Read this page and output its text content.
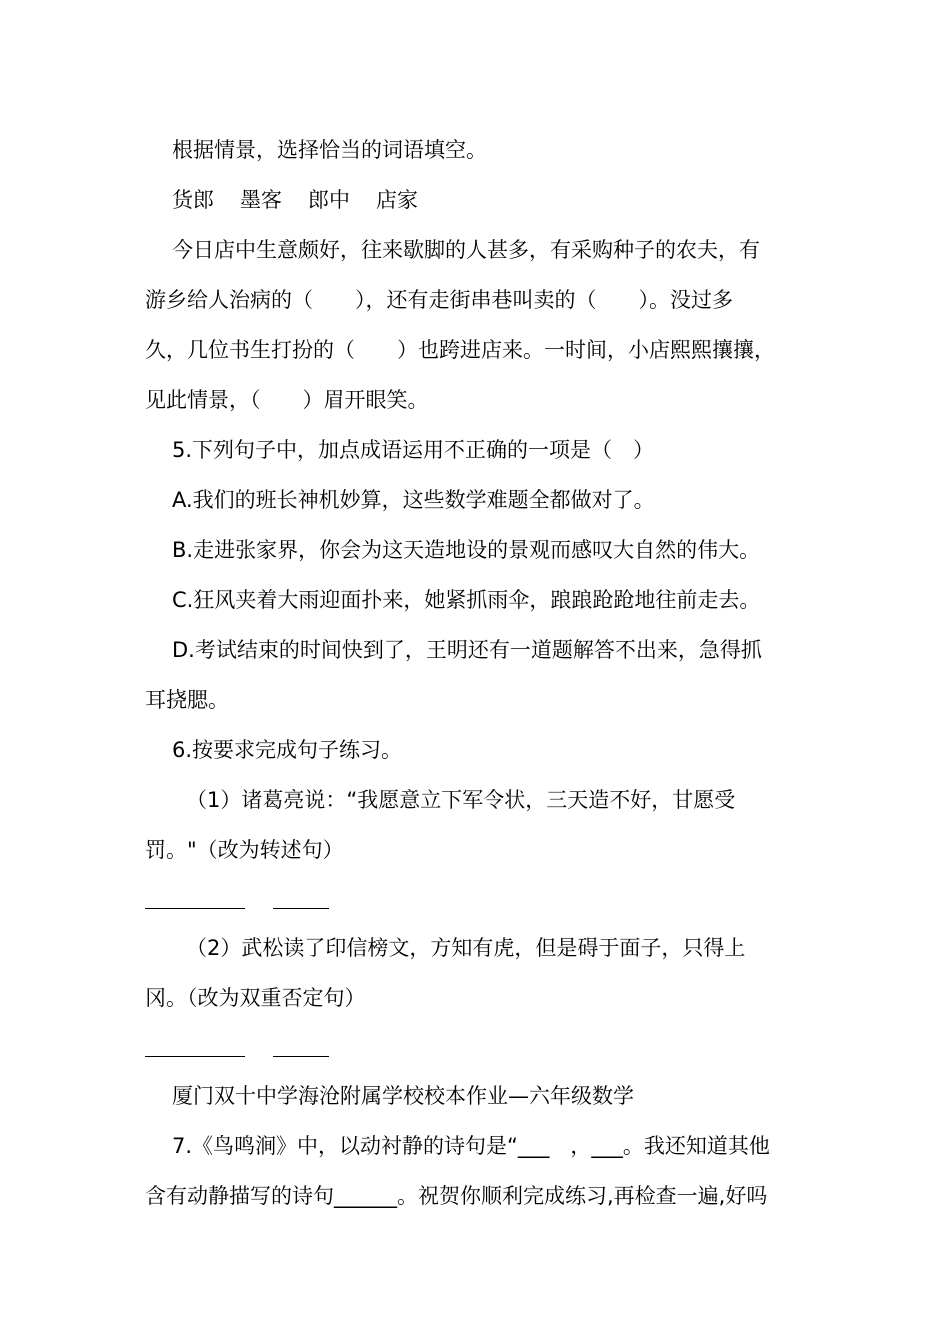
根据情景，选择恰当的词语填空。
货郎 墨客 郎中 店家
今日店中生意颇好，往来歇脚的人甚多，有采购种子的农夫，有
游乡给人治病的（　　），还有走街串巷叫卖的（　　）。没过多
久，几位书生打扮的（　　）也跨进店来。一时间，小店熙熙攘攘，
见此情景，（　　）眉开眼笑。
5.下列句子中，加点成语运用不正确的一项是（　）
A.我们的班长神机妙算，这些数学难题全都做对了。
B.走进张家界，你会为这天造地设的景观而感叹大自然的伟大。
C.狂风夹着大雨迎面扑来，她紧抓雨伞，踉踉跄跄地往前走去。
D.考试结束的时间快到了，王明还有一道题解答不出来，急得抓
耳挠腮。
6.按要求完成句子练习。
（1）诸葛亮说：“我愿意立下军令状，三天造不好，甘愿受
罚。"（改为转述句）
（2）武松读了印信榜文，方知有虎，但是碍于面子，只得上
冈。（改为双重否定句）
厦门双十中学海沧附属学校校本作业—六年级数学
7.《鸟鸣涧》中，以动衬静的诗句是“___　，___。我还知道其他
含有动静描写的诗句______。祝贺你顺利完成练习,再检查一遍,好吗
